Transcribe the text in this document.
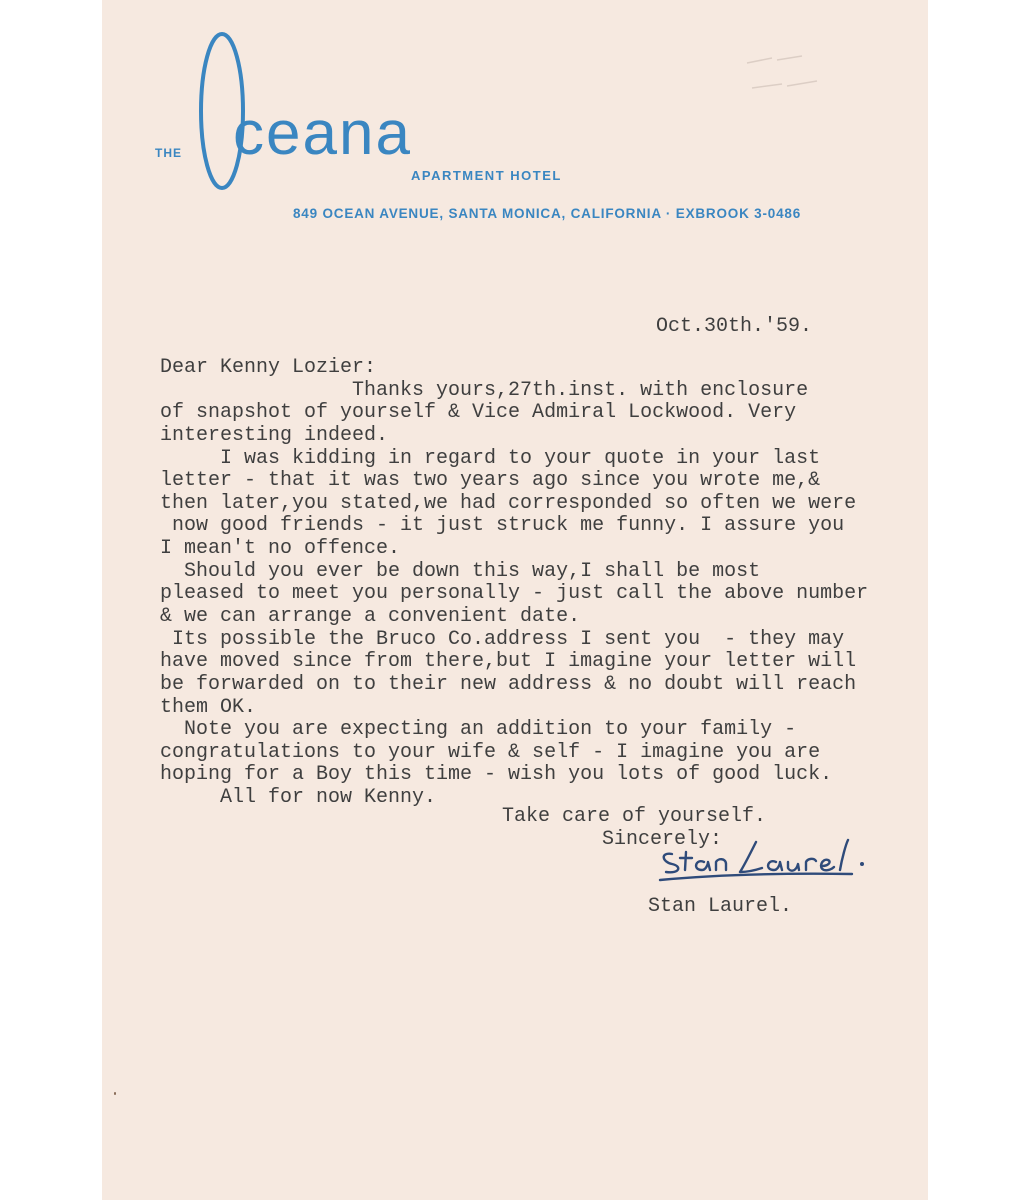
THE ceana
APARTMENT HOTEL
849 OCEAN AVENUE, SANTA MONICA, CALIFORNIA · EXBROOK 3-0486
Oct.30th.'59.
Dear Kenny Lozier:
Thanks yours,27th.inst. with enclosure
of snapshot of yourself & Vice Admiral Lockwood. Very
interesting indeed.
I was kidding in regard to your quote in your last
letter - that it was two years ago since you wrote me,&
then later,you stated,we had corresponded so often we were
now good friends - it just struck me funny. I assure you
I mean't no offence.
Should you ever be down this way,I shall be most
pleased to meet you personally - just call the above number
& we can arrange a convenient date.
Its possible the Bruco Co.address I sent you  - they may
have moved since from there,but I imagine your letter will
be forwarded on to their new address & no doubt will reach
them OK.
Note you are expecting an addition to your family -
congratulations to your wife & self - I imagine you are
hoping for a Boy this time - wish you lots of good luck.
All for now Kenny.
Take care of yourself.
Sincerely:
Stan Laurel.
